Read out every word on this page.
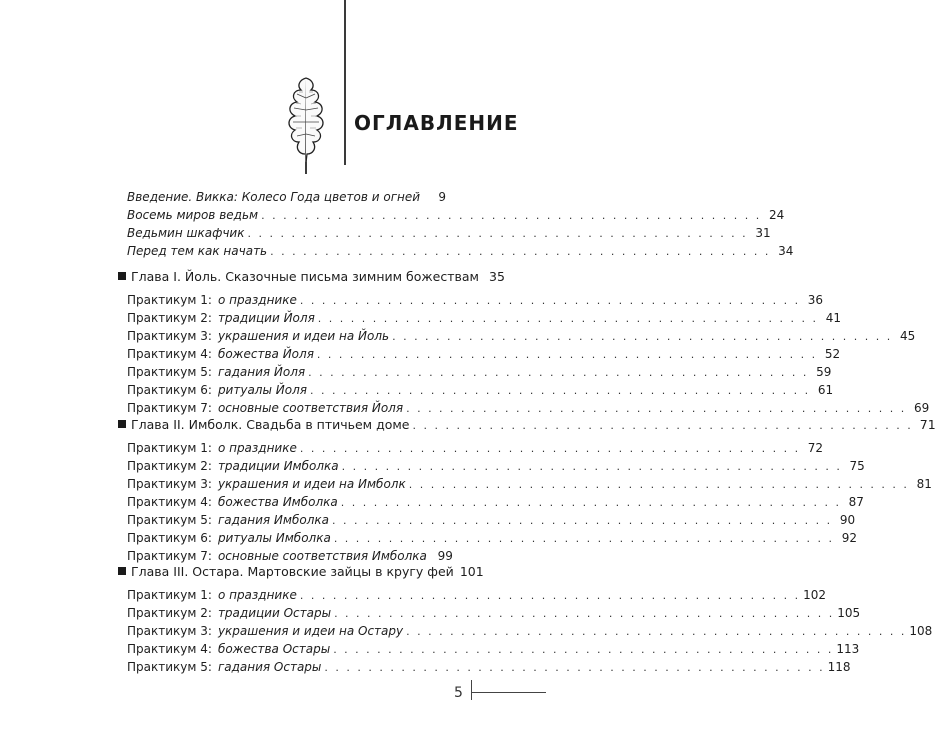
ОГЛАВЛЕНИЕ
Введение. Викка: Колесо Года цветов и огней	9
Восемь миров ведьм . . . . . . . . . . . . . . . . . . . . . . . . . . . . . . . . . . . . . . . . . . . . . . 24
Ведьмин шкафчик . . . . . . . . . . . . . . . . . . . . . . . . . . . . . . . . . . . . . . . . . . . . . . 31
Перед тем как начать . . . . . . . . . . . . . . . . . . . . . . . . . . . . . . . . . . . . . . . . . . . . . . 34
Глава I. Йоль. Сказочные письма зимним божествам 35
Практикум 1: о празднике . . . . . . . . . . . . . . . . . . . . . . . . . . . . . . . . . . . . . . . . . . . . . . 36
Практикум 2: традиции Йоля . . . . . . . . . . . . . . . . . . . . . . . . . . . . . . . . . . . . . . . . . . . . . . 41
Практикум 3: украшения и идеи на Йоль . . . . . . . . . . . . . . . . . . . . . . . . . . . . . . . . . . . . . . . . . . . . . . 45
Практикум 4: божества Йоля . . . . . . . . . . . . . . . . . . . . . . . . . . . . . . . . . . . . . . . . . . . . . . 52
Практикум 5: гадания Йоля . . . . . . . . . . . . . . . . . . . . . . . . . . . . . . . . . . . . . . . . . . . . . . 59
Практикум 6: ритуалы Йоля . . . . . . . . . . . . . . . . . . . . . . . . . . . . . . . . . . . . . . . . . . . . . . 61
Практикум 7: основные соответствия Йоля . . . . . . . . . . . . . . . . . . . . . . . . . . . . . . . . . . . . . . . . . . . . . . 69
Глава II. Имболк. Свадьба в птичьем доме . . . . . . . . . . . . . . . . . . . . . . . . . . . . . . . . . . . . . . . . . . . . . . 71
Практикум 1: о празднике . . . . . . . . . . . . . . . . . . . . . . . . . . . . . . . . . . . . . . . . . . . . . . 72
Практикум 2: традиции Имболка . . . . . . . . . . . . . . . . . . . . . . . . . . . . . . . . . . . . . . . . . . . . . . 75
Практикум 3: украшения и идеи на Имболк . . . . . . . . . . . . . . . . . . . . . . . . . . . . . . . . . . . . . . . . . . . . . . 81
Практикум 4: божества Имболка . . . . . . . . . . . . . . . . . . . . . . . . . . . . . . . . . . . . . . . . . . . . . . 87
Практикум 5: гадания Имболка . . . . . . . . . . . . . . . . . . . . . . . . . . . . . . . . . . . . . . . . . . . . . . 90
Практикум 6: ритуалы Имболка . . . . . . . . . . . . . . . . . . . . . . . . . . . . . . . . . . . . . . . . . . . . . . 92
Практикум 7: основные соответствия Имболка 99
Глава III. Остара. Мартовские зайцы в кругу фей 101
Практикум 1: о празднике . . . . . . . . . . . . . . . . . . . . . . . . . . . . . . . . . . . . . . . . . . . . . . 102
Практикум 2: традиции Остары . . . . . . . . . . . . . . . . . . . . . . . . . . . . . . . . . . . . . . . . . . . . . . 105
Практикум 3: украшения и идеи на Остару . . . . . . . . . . . . . . . . . . . . . . . . . . . . . . . . . . . . . . . . . . . . . . 108
Практикум 4: божества Остары . . . . . . . . . . . . . . . . . . . . . . . . . . . . . . . . . . . . . . . . . . . . . . 113
Практикум 5: гадания Остары . . . . . . . . . . . . . . . . . . . . . . . . . . . . . . . . . . . . . . . . . . . . . . 118
5
